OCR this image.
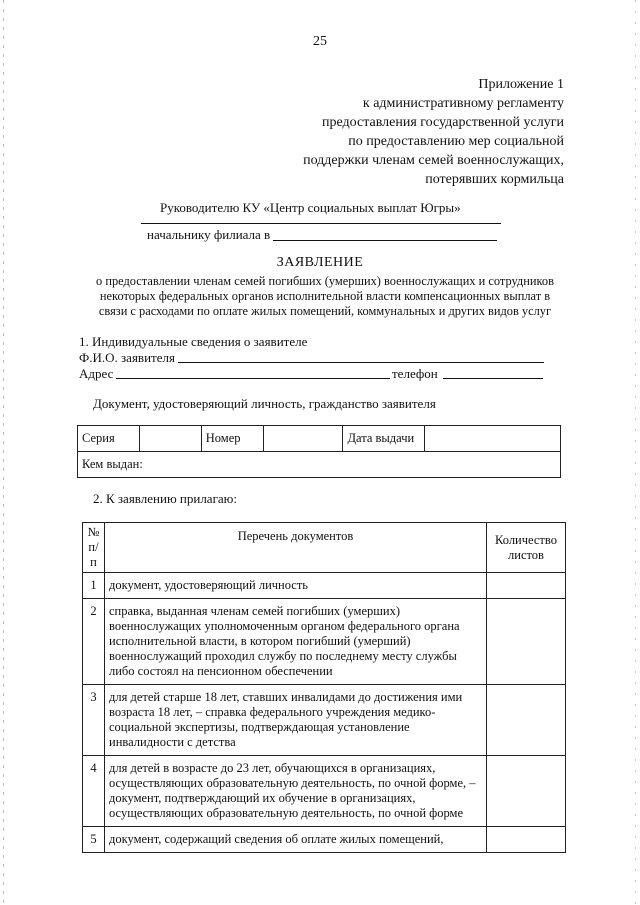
25
Приложение 1
к административному регламенту
предоставления государственной услуги
по предоставлению мер социальной
поддержки членам семей военнослужащих,
потерявших кормильца
Руководителю КУ «Центр социальных выплат Югры»
начальнику филиала в
ЗАЯВЛЕНИЕ
о предоставлении членам семей погибших (умерших) военнослужащих и сотрудников
некоторых федеральных органов исполнительной власти компенсационных выплат в
связи с расходами по оплате жилых помещений, коммунальных и других видов услуг
1. Индивидуальные сведения о заявителе
Ф.И.О. заявителя
Адрес	телефон
Документ, удостоверяющий личность, гражданство заявителя
Серия		Номер		Дата выдачи	
Кем выдан:
2. К заявлению прилагаю:
№ п/п	Перечень документов	Количество листов
1	документ, удостоверяющий личность	
2	справка, выданная членам семей погибших (умерших) военнослужащих уполномоченным органом федерального органа исполнительной власти, в котором погибший (умерший) военнослужащий проходил службу по последнему месту службы либо состоял на пенсионном обеспечении	
3	для детей старше 18 лет, ставших инвалидами до достижения ими возраста 18 лет, – справка федерального учреждения медико-социальной экспертизы, подтверждающая установление инвалидности с детства	
4	для детей в возрасте до 23 лет, обучающихся в организациях, осуществляющих образовательную деятельность, по очной форме, – документ, подтверждающий их обучение в организациях, осуществляющих образовательную деятельность, по очной форме	
5	документ, содержащий сведения об оплате жилых помещений,	
